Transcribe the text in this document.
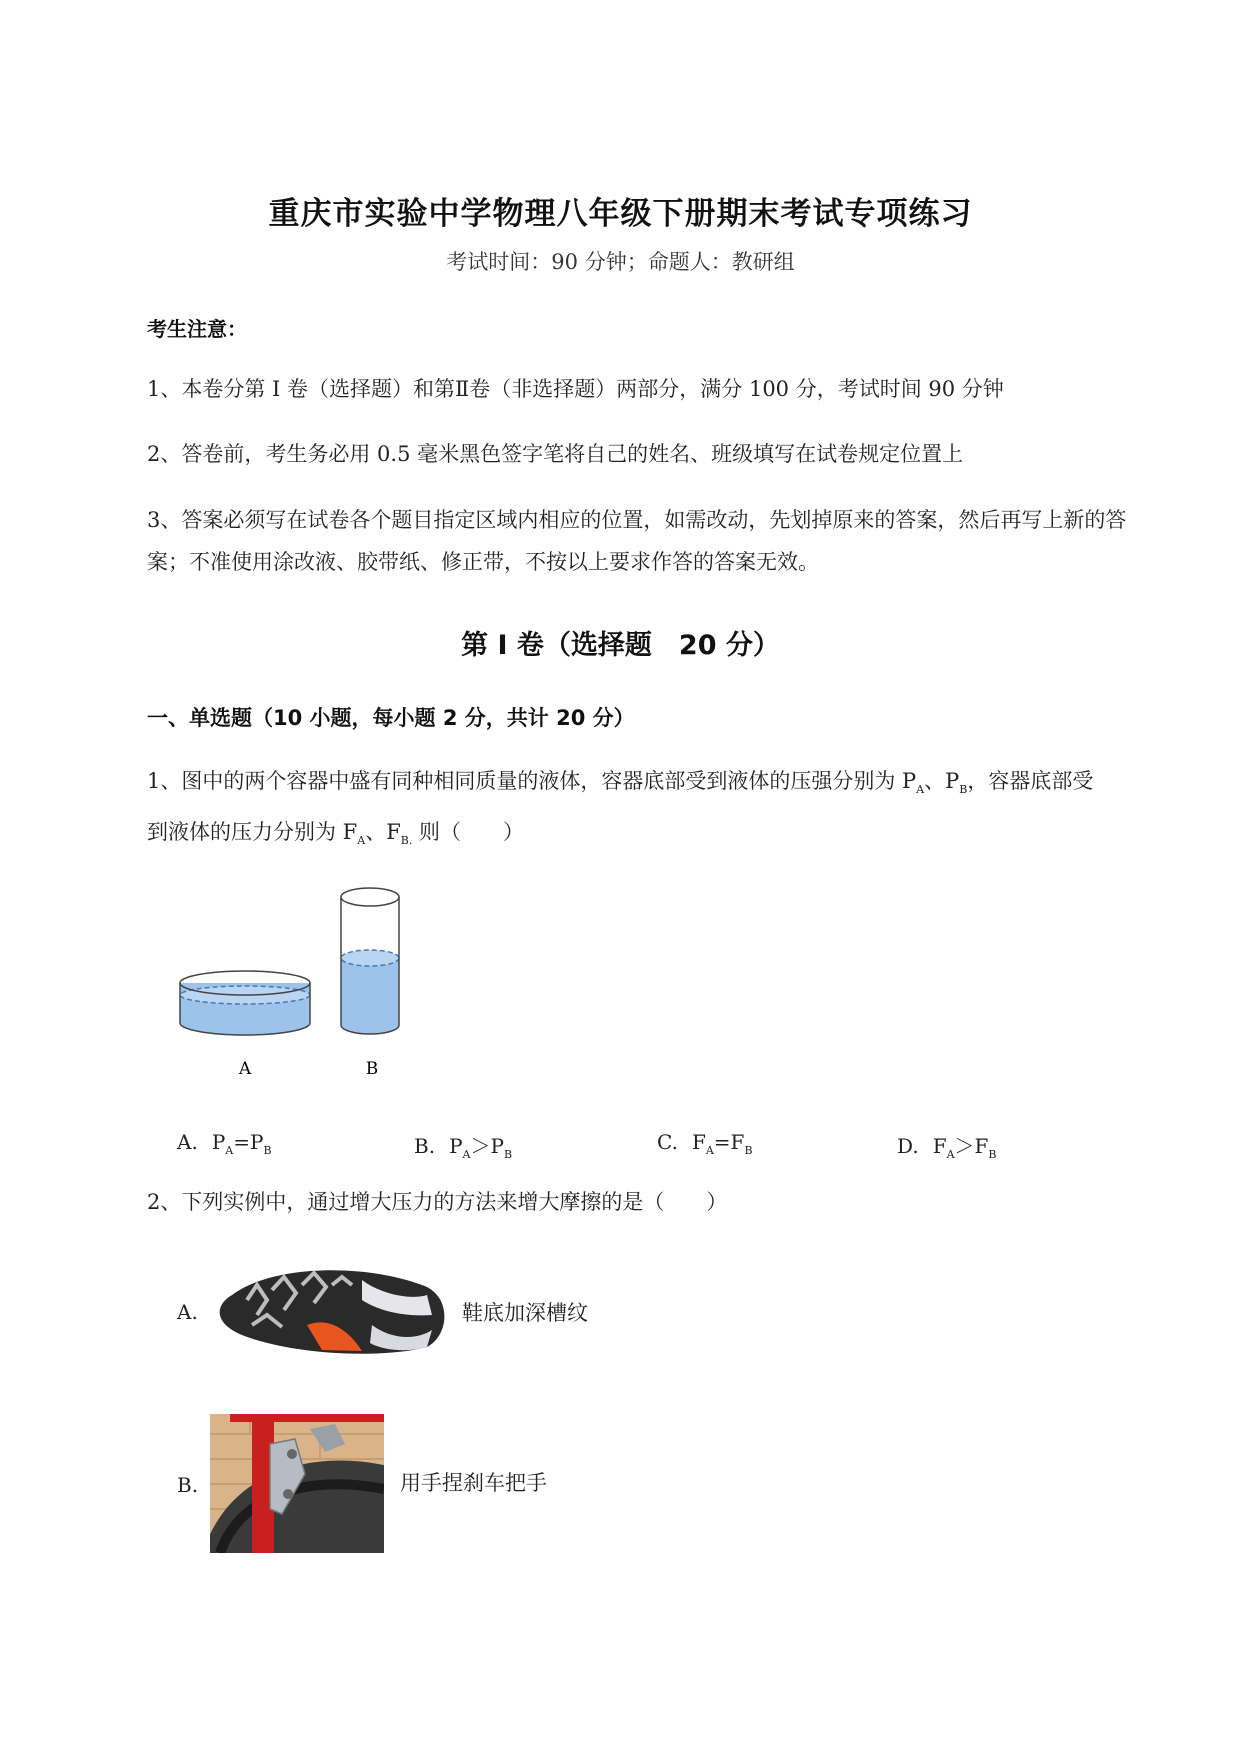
重庆市实验中学物理八年级下册期末考试专项练习
考试时间：90 分钟；命题人：教研组
考生注意：
1、本卷分第 I 卷（选择题）和第Ⅱ卷（非选择题）两部分，满分 100 分，考试时间 90 分钟
2、答卷前，考生务必用 0.5 毫米黑色签字笔将自己的姓名、班级填写在试卷规定位置上
3、答案必须写在试卷各个题目指定区域内相应的位置，如需改动，先划掉原来的答案，然后再写上新的答案；不准使用涂改液、胶带纸、修正带，不按以上要求作答的答案无效。
第 I 卷（选择题　20 分）
一、单选题（10 小题，每小题 2 分，共计 20 分）
1、图中的两个容器中盛有同种相同质量的液体，容器底部受到液体的压强分别为 $P_A$、$P_B$，容器底部受
到液体的压力分别为 $F_A$、$F_{B.}$ 则（　　）
A	B
A. $P_A=P_B$	B. $P_A>P_B$
C. $F_A=F_B$	D. $F_A>F_B$
2、下列实例中，通过增大压力的方法来增大摩擦的是（　　）
A.	鞋底加深槽纹
B.	用手捏刹车把手
